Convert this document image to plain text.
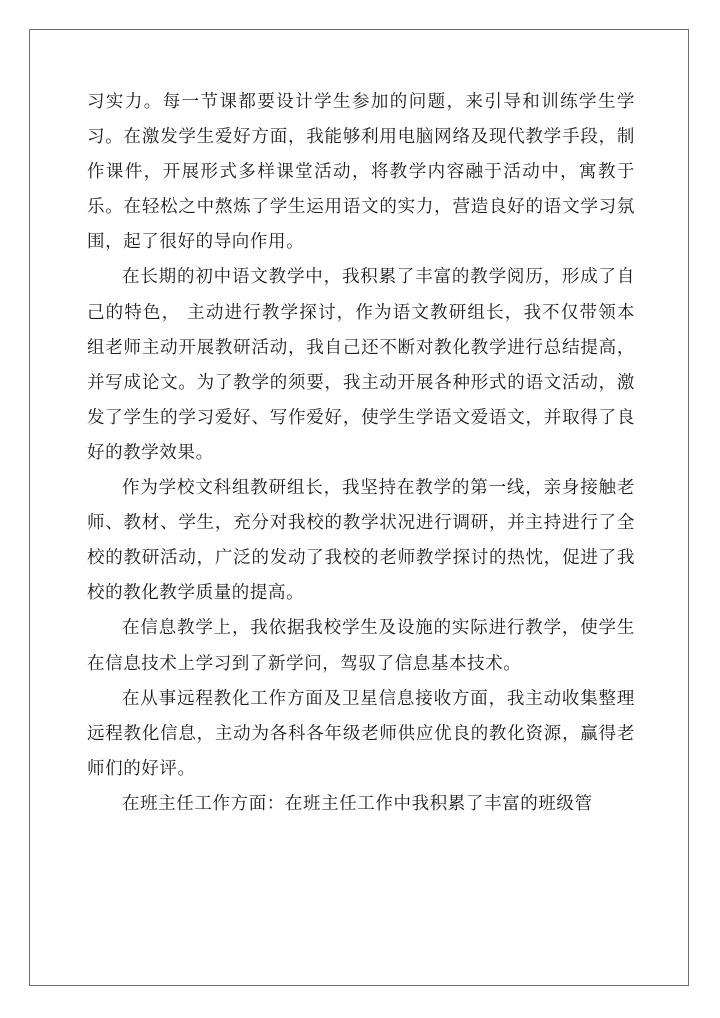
习实力。每一节课都要设计学生参加的问题，来引导和训练学生学习。在激发学生爱好方面，我能够利用电脑网络及现代教学手段，制作课件，开展形式多样课堂活动，将教学内容融于活动中，寓教于乐。在轻松之中熬炼了学生运用语文的实力，营造良好的语文学习氛围，起了很好的导向作用。

在长期的初中语文教学中，我积累了丰富的教学阅历，形成了自己的特色， 主动进行教学探讨，作为语文教研组长，我不仅带领本组老师主动开展教研活动，我自己还不断对教化教学进行总结提高，并写成论文。为了教学的须要，我主动开展各种形式的语文活动，激发了学生的学习爱好、写作爱好，使学生学语文爱语文，并取得了良好的教学效果。

作为学校文科组教研组长，我坚持在教学的第一线，亲身接触老师、教材、学生，充分对我校的教学状况进行调研，并主持进行了全校的教研活动，广泛的发动了我校的老师教学探讨的热忱，促进了我校的教化教学质量的提高。

在信息教学上，我依据我校学生及设施的实际进行教学，使学生在信息技术上学习到了新学问，驾驭了信息基本技术。

在从事远程教化工作方面及卫星信息接收方面，我主动收集整理远程教化信息，主动为各科各年级老师供应优良的教化资源，赢得老师们的好评。

在班主任工作方面：在班主任工作中我积累了丰富的班级管
